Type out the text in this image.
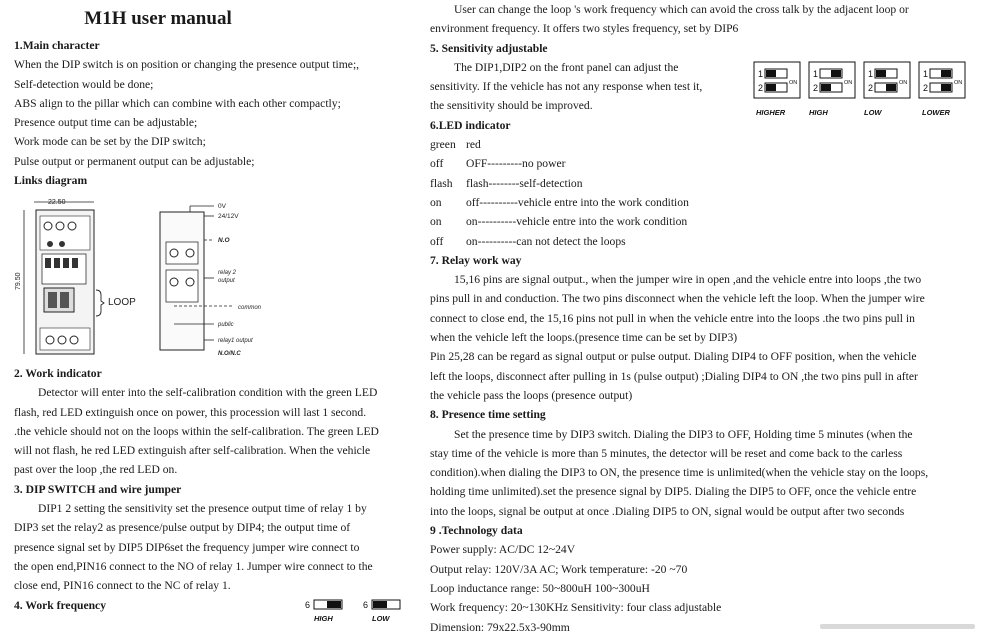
M1H user manual
1.Main character
When the DIP switch is on position or changing the presence output time;,
Self-detection would be done;
ABS align to the pillar which can combine with each other compactly;
Presence output time can be adjustable;
Work mode can be set by the DIP switch;
Pulse output or permanent output can be adjustable;
Links diagram
22.50
79.50
LOOP
0V
24/12V
N.O
relay 2
output
common
public
relay1 output
N.O/N.C
2. Work indicator
Detector will enter into the self-calibration condition with the green LED
flash, red LED extinguish once on power, this procession will last 1 second.
.the vehicle should not on the loops within the self-calibration. The green LED
will not flash, he red LED extinguish after self-calibration. When the vehicle
past over the loop ,the red LED on.
3. DIP SWITCH and wire jumper
DIP1 2 setting the sensitivity set the presence output time of relay 1 by
DIP3 set the relay2 as presence/pulse output by DIP4; the output time of
presence signal set by DIP5 DIP6set the frequency jumper wire connect to
the open end,PIN16 connect to the NO of relay 1. Jumper wire connect to the
close end, PIN16 connect to the NC of relay 1.
4. Work frequency	6
HIGH
6
LOW
User can change the loop 's work frequency which can avoid the cross talk by the adjacent loop or
environment frequency. It offers two styles frequency, set by DIP6
5. Sensitivity adjustable
The DIP1,DIP2 on the front panel can adjust the
sensitivity. If the vehicle has not any response when test it,
the sensitivity should be improved.
6.LED indicator
green red
off	OFF---------no power
flash	flash--------self-detection
on	off----------vehicle entre into the work condition
on	on----------vehicle entre into the work condition
off	on----------can not detect the loops
7. Relay work way
15,16 pins are signal output., when the jumper wire in open ,and the vehicle entre into loops ,the two
pins pull in and conduction. The two pins disconnect when the vehicle left the loop. When the jumper wire
connect to close end, the 15,16 pins not pull in when the vehicle entre into the loops .the two pins pull in
when the vehicle left the loops.(presence time can be set by DIP3)
Pin 25,28 can be regard as signal output or pulse output. Dialing DIP4 to OFF position, when the vehicle
left the loops, disconnect after pulling in 1s (pulse output) ;Dialing DIP4 to ON ,the two pins pull in after
the vehicle pass the loops (presence output)
8. Presence time setting
Set the presence time by DIP3 switch. Dialing the DIP3 to OFF, Holding time 5 minutes (when the
stay time of the vehicle is more than 5 minutes, the detector will be reset and come back to the carless
condition).when dialing the DIP3 to ON, the presence time is unlimited(when the vehicle stay on the loops,
holding time unlimited).set the presence signal by DIP5. Dialing the DIP5 to OFF, once the vehicle entre
into the loops, signal be output at once .Dialing DIP5 to ON, signal would be output after two seconds
9 .Technology data
Power supply: AC/DC 12~24V
Output relay: 120V/3A AC; Work temperature: -20 ~70
Loop inductance range: 50~800uH 100~300uH
Work frequency: 20~130KHz Sensitivity: four class adjustable
Dimension: 79x22.5x3-90mm
1
2	ON
1
2	ON
1
2	ON
1
2	ON
HIGHER	HIGH	LOW	LOWER
